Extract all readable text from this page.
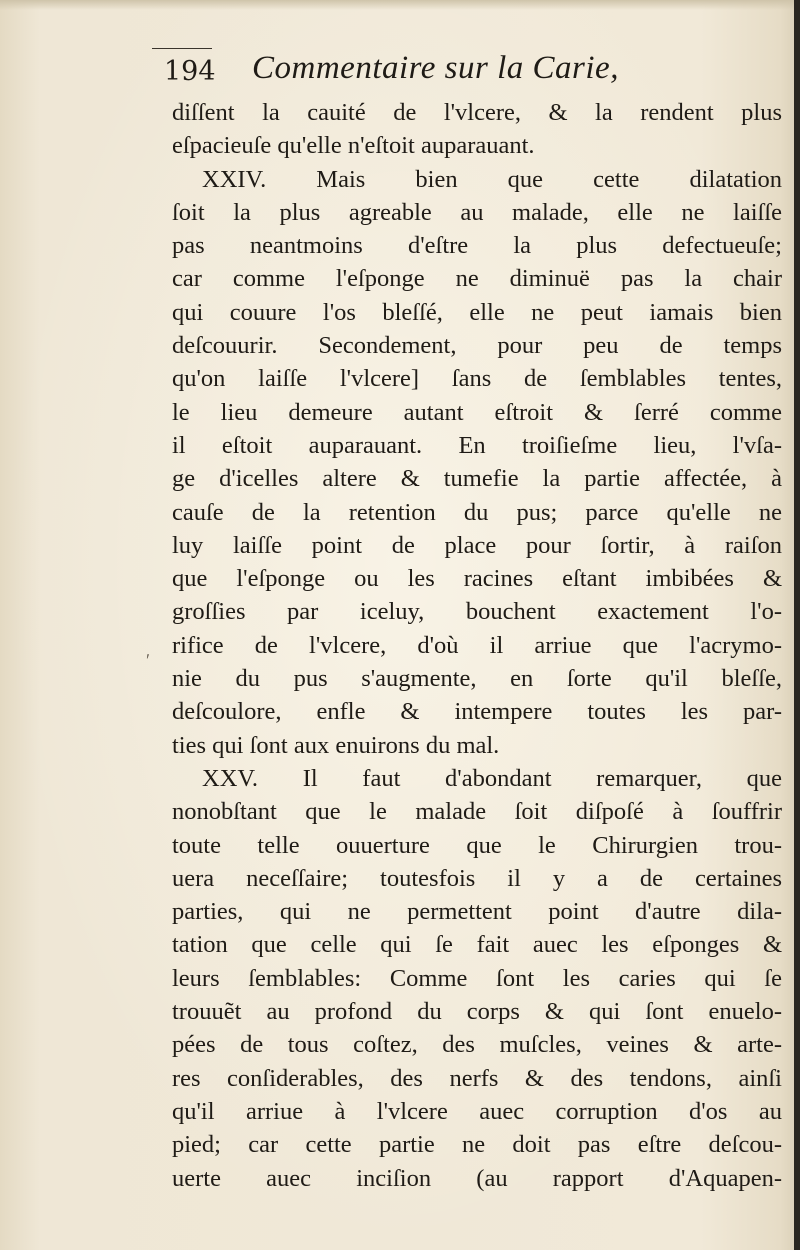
194 Commentaire sur la Carie,
diſſent la cauité de l'vlcere, & la rendent plus
eſpacieuſe qu'elle n'eſtoit auparauant.
XXIV. Mais bien que cette dilatation
ſoit la plus agreable au malade, elle ne laiſſe
pas neantmoins d'eſtre la plus defectueuſe;
car comme l'eſponge ne diminuë pas la chair
qui couure l'os bleſſé, elle ne peut iamais bien
deſcouurir. Secondement, pour peu de temps
qu'on laiſſe l'vlcere] ſans de ſemblables tentes,
le lieu demeure autant eſtroit & ſerré comme
il eſtoit auparauant. En troiſieſme lieu, l'vſa-
ge d'icelles altere & tumefie la partie affectée, à
cauſe de la retention du pus; parce qu'elle ne
luy laiſſe point de place pour ſortir, à raiſon
que l'eſponge ou les racines eſtant imbibées &
groſſies par iceluy, bouchent exactement l'o-
rifice de l'vlcere, d'où il arriue que l'acrymo-
nie du pus s'augmente, en ſorte qu'il bleſſe,
deſcoulore, enfle & intempere toutes les par-
ties qui ſont aux enuirons du mal.
XXV. Il faut d'abondant remarquer, que
nonobſtant que le malade ſoit diſpoſé à ſouffrir
toute telle ouuerture que le Chirurgien trou-
uera neceſſaire; toutesfois il y a de certaines
parties, qui ne permettent point d'autre dila-
tation que celle qui ſe fait auec les eſponges &
leurs ſemblables: Comme ſont les caries qui ſe
trouuẽt au profond du corps & qui ſont enuelo-
pées de tous coſtez, des muſcles, veines & arte-
res conſiderables, des nerfs & des tendons, ainſi
qu'il arriue à l'vlcere auec corruption d'os au
pied; car cette partie ne doit pas eſtre deſcou-
uerte auec inciſion (au rapport d'Aquapen-
ʹ
